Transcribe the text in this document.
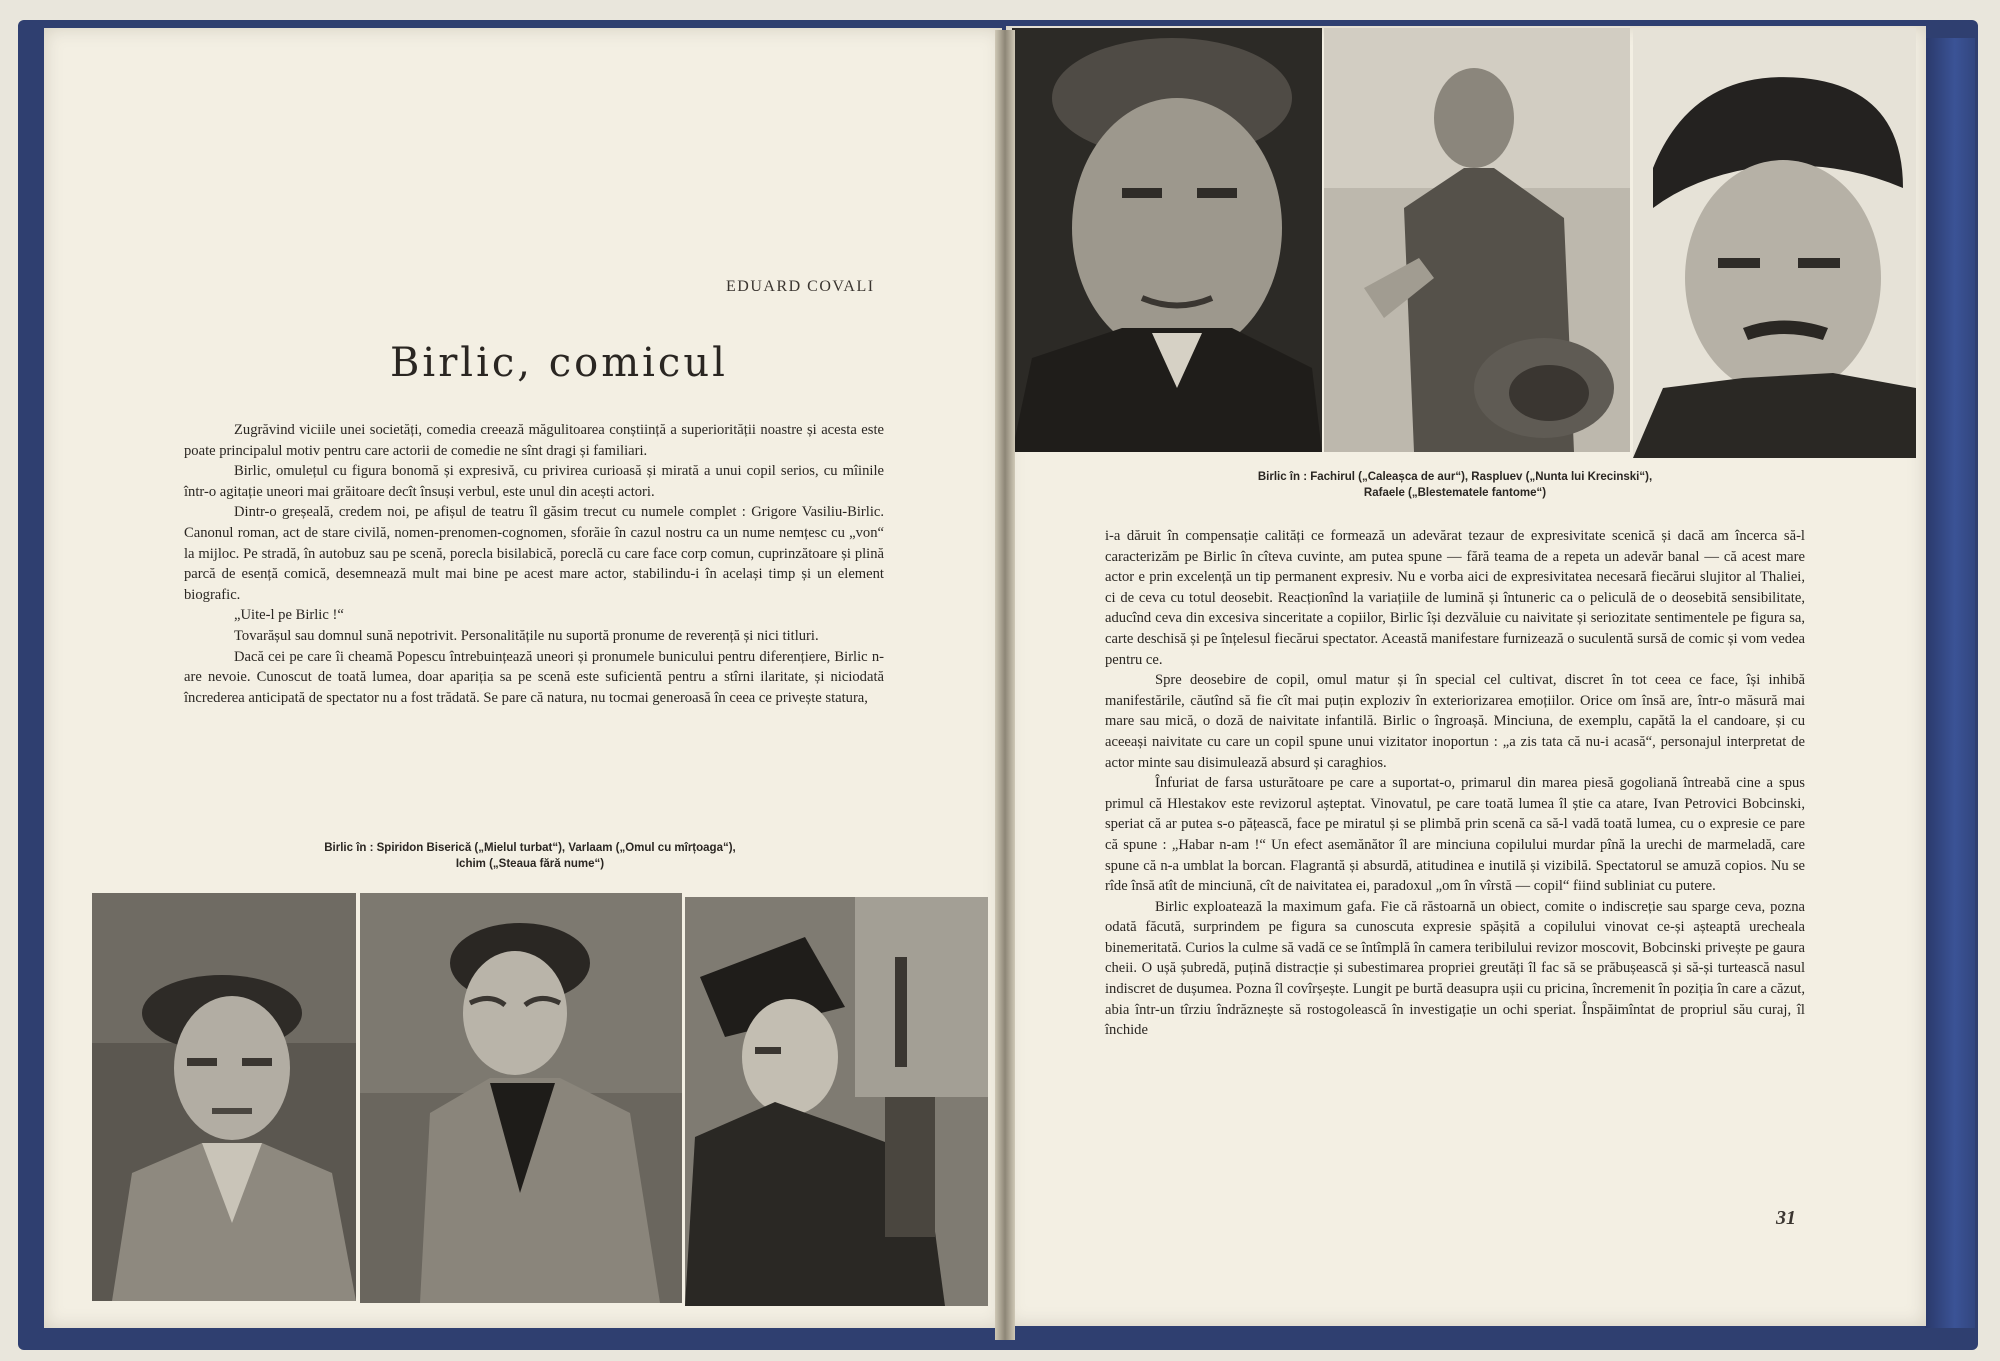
EDUARD COVALI
Birlic, comicul

Zugrăvind viciile unei societăți, comedia creează măgulitoarea conștiință a superiorității noastre și acesta este poate principalul motiv pentru care actorii de comedie ne sînt dragi și familiari.

Birlic, omulețul cu figura bonomă și expresivă, cu privirea curioasă și mirată a unui copil serios, cu mîinile într-o agitație uneori mai grăitoare decît însuși verbul, este unul din acești actori.

Dintr-o greșeală, credem noi, pe afișul de teatru îl găsim trecut cu numele complet : Grigore Vasiliu-Birlic. Canonul roman, act de stare civilă, nomen-prenomen-cognomen, sforăie în cazul nostru ca un nume nemțesc cu „von“ la mijloc. Pe stradă, în autobuz sau pe scenă, porecla bisilabică, poreclă cu care face corp comun, cuprinzătoare și plină parcă de esență comică, desemnează mult mai bine pe acest mare actor, stabilindu-i în același timp și un element biografic.

„Uite-l pe Birlic !“

Tovarășul sau domnul sună nepotrivit. Personalitățile nu suportă pronume de reverență și nici titluri.

Dacă cei pe care îi cheamă Popescu întrebuințează uneori și pronumele bunicului pentru diferențiere, Birlic n-are nevoie. Cunoscut de toată lumea, doar apariția sa pe scenă este suficientă pentru a stîrni ilaritate, și niciodată încrederea anticipată de spectator nu a fost trădată. Se pare că natura, nu tocmai generoasă în ceea ce privește statura,

Birlic în : Spiridon Biserică („Mielul turbat“), Varlaam („Omul cu mîrțoaga“),
Ichim („Steaua fără nume“)
Birlic în : Fachirul („Caleașca de aur“), Raspluev („Nunta lui Krecinski“),
Rafaele („Blestematele fantome“)

i-a dăruit în compensație calități ce formează un adevărat tezaur de expresivitate scenică și dacă am încerca să-l caracterizăm pe Birlic în cîteva cuvinte, am putea spune — fără teama de a repeta un adevăr banal — că acest mare actor e prin excelență un tip permanent expresiv. Nu e vorba aici de expresivitatea necesară fiecărui slujitor al Thaliei, ci de ceva cu totul deosebit. Reacționînd la variațiile de lumină și întuneric ca o peliculă de o deosebită sensibilitate, aducînd ceva din excesiva sinceritate a copiilor, Birlic își dezvăluie cu naivitate și seriozitate sentimentele pe figura sa, carte deschisă și pe înțelesul fiecărui spectator. Această manifestare furnizează o suculentă sursă de comic și vom vedea pentru ce.

Spre deosebire de copil, omul matur și în special cel cultivat, discret în tot ceea ce face, își inhibă manifestările, căutînd să fie cît mai puțin exploziv în exteriorizarea emoțiilor. Orice om însă are, într-o măsură mai mare sau mică, o doză de naivitate infantilă. Birlic o îngroașă. Minciuna, de exemplu, capătă la el candoare, și cu aceeași naivitate cu care un copil spune unui vizitator inoportun : „a zis tata că nu-i acasă“, personajul interpretat de actor minte sau disimulează absurd și caraghios.

Înfuriat de farsa usturătoare pe care a suportat-o, primarul din marea piesă gogoliană întreabă cine a spus primul că Hlestakov este revizorul așteptat. Vinovatul, pe care toată lumea îl știe ca atare, Ivan Petrovici Bobcinski, speriat că ar putea s-o pățească, face pe miratul și se plimbă prin scenă ca să-l vadă toată lumea, cu o expresie ce pare că spune : „Habar n-am !“ Un efect asemănător îl are minciuna copilului murdar pînă la urechi de marmeladă, care spune că n-a umblat la borcan. Flagrantă și absurdă, atitudinea e inutilă și vizibilă. Spectatorul se amuză copios. Nu se rîde însă atît de minciună, cît de naivitatea ei, paradoxul „om în vîrstă — copil“ fiind subliniat cu putere.

Birlic exploatează la maximum gafa. Fie că răstoarnă un obiect, comite o indiscreție sau sparge ceva, pozna odată făcută, surprindem pe figura sa cunoscuta expresie spășită a copilului vinovat ce-și așteaptă urecheala binemeritată. Curios la culme să vadă ce se întîmplă în camera teribilului revizor moscovit, Bobcinski privește pe gaura cheii. O ușă șubredă, puțină distracție și subestimarea propriei greutăți îl fac să se prăbușească și să-și turtească nasul indiscret de dușumea. Pozna îl covîrșește. Lungit pe burtă deasupra ușii cu pricina, încremenit în poziția în care a căzut, abia într-un tîrziu îndrăznește să rostogolească în investigație un ochi speriat. Înspăimîntat de propriul său curaj, îl închide

31
